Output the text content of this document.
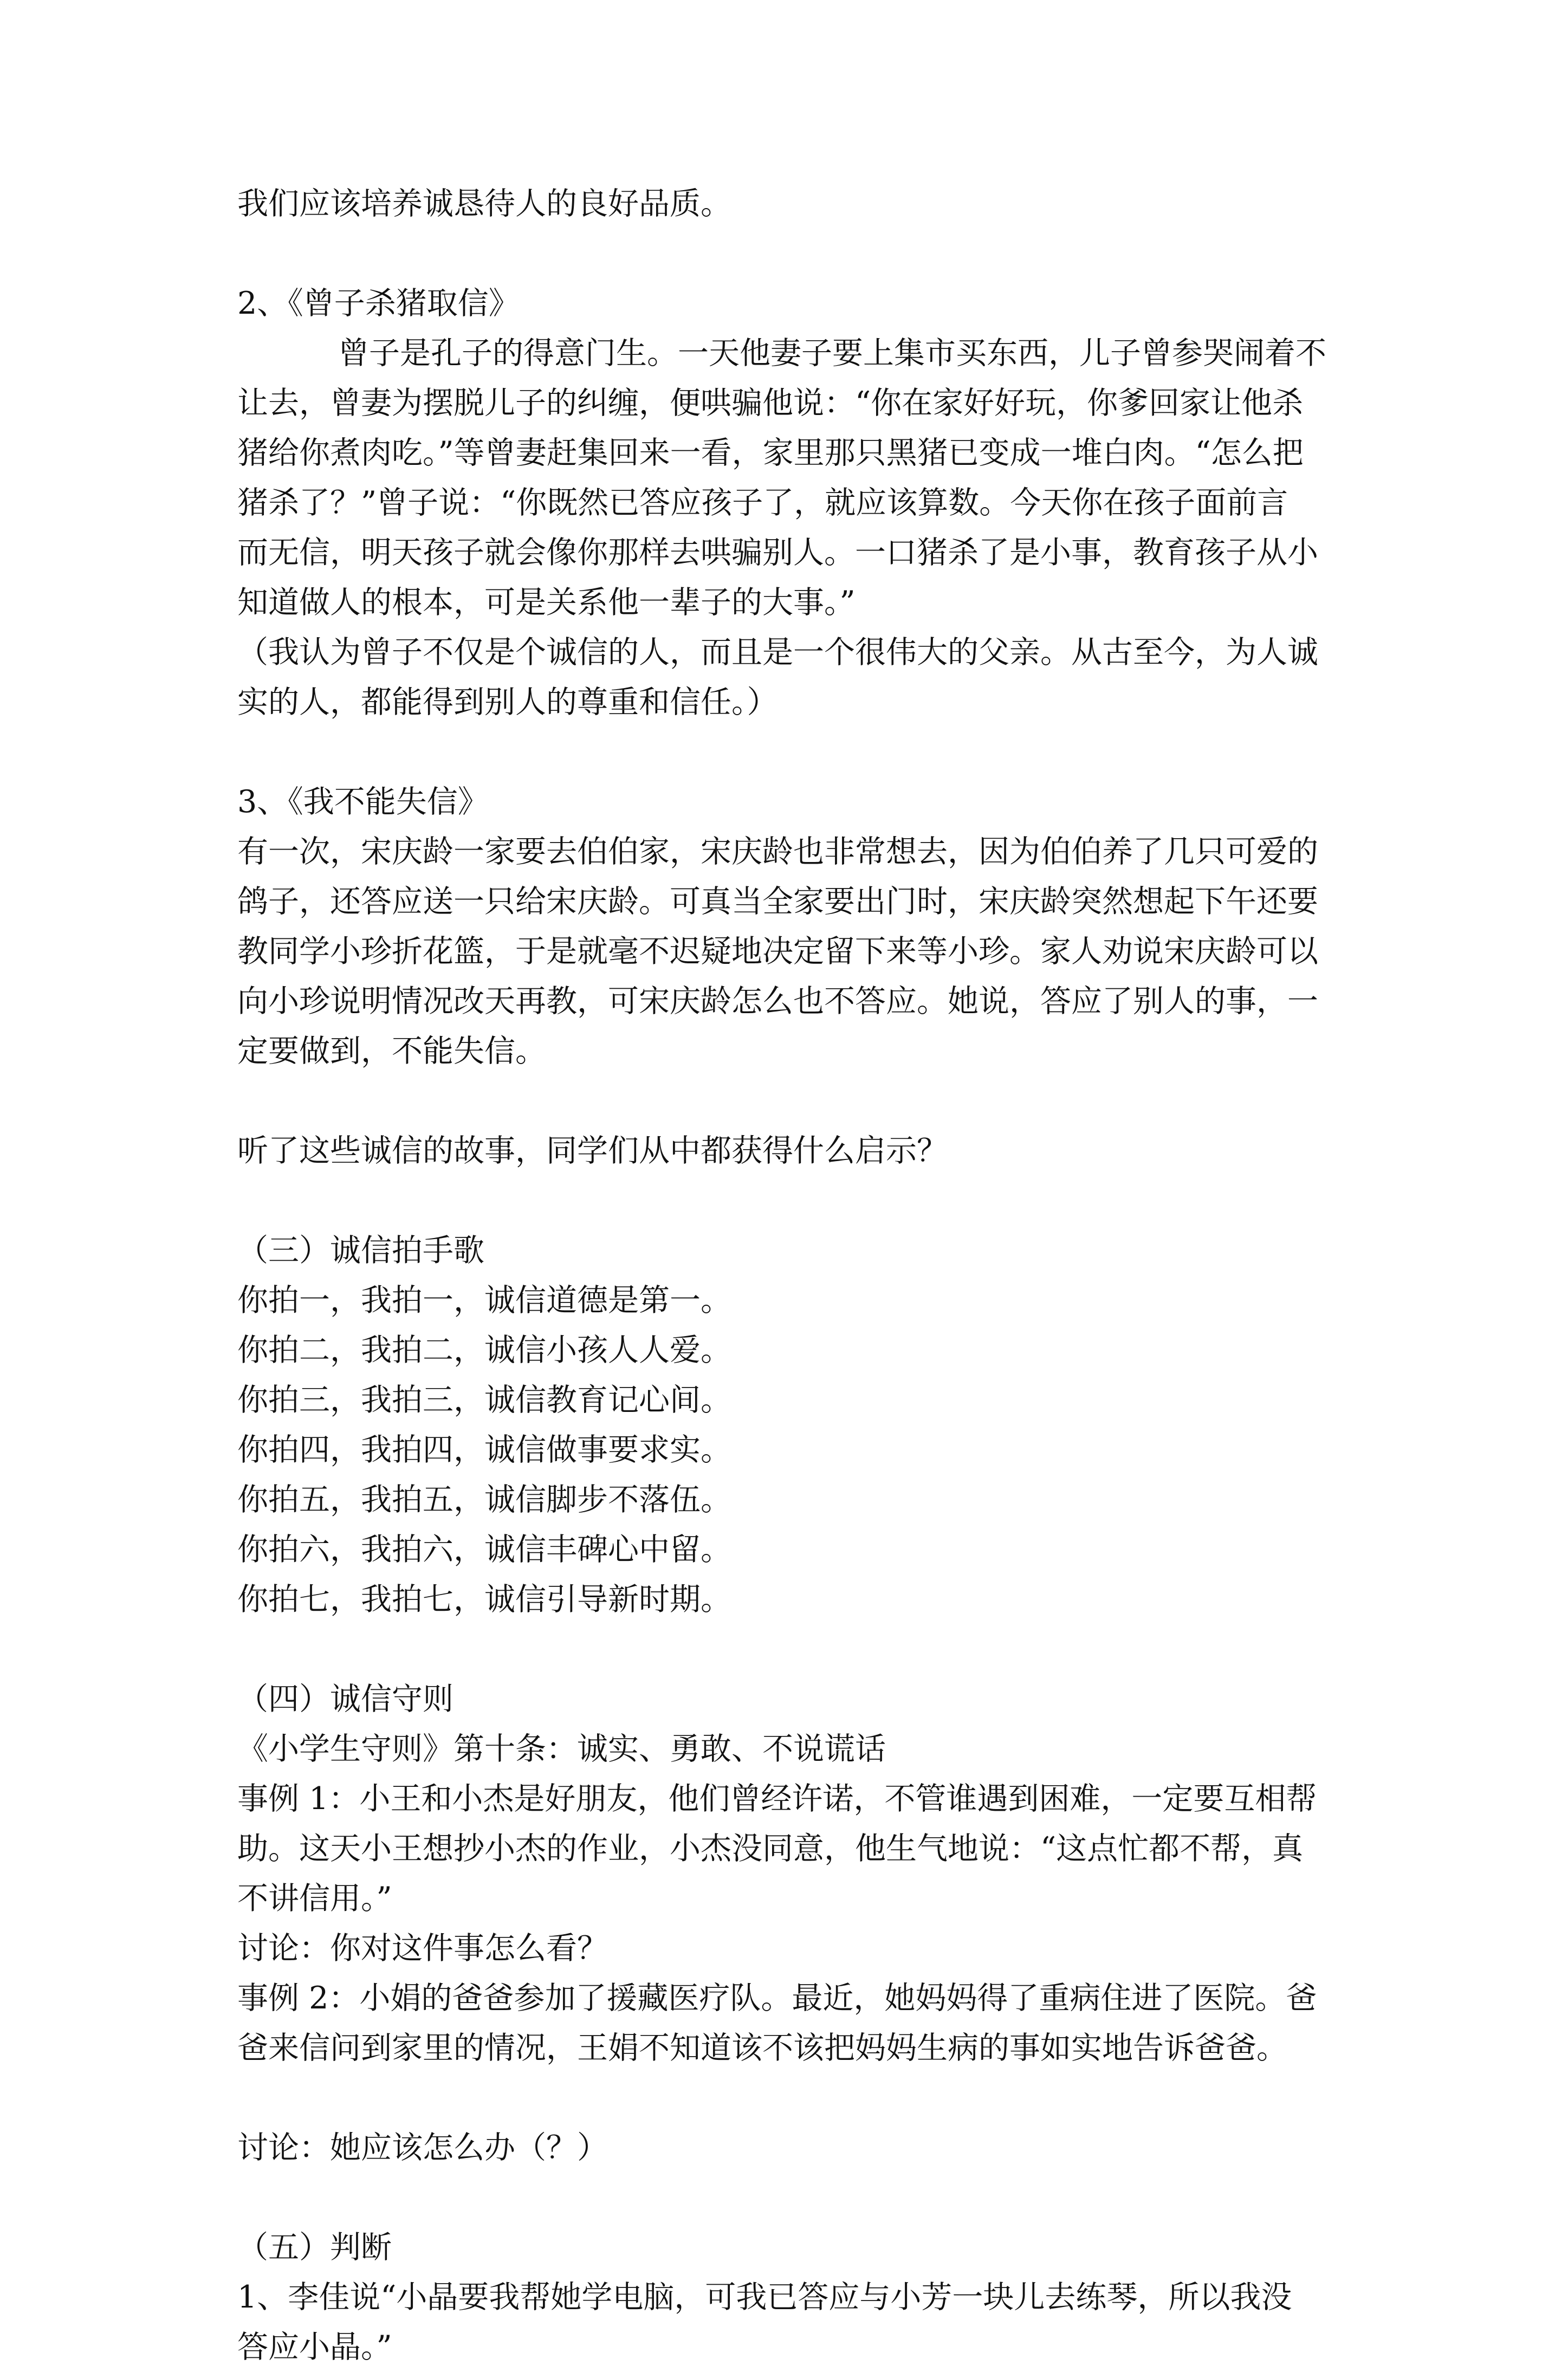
我们应该培养诚恳待人的良好品质。

2、《曾子杀猪取信》

曾子是孔子的得意门生。一天他妻子要上集市买东西，儿子曾参哭闹着不

让去，曾妻为摆脱儿子的纠缠，便哄骗他说：“你在家好好玩，你爹回家让他杀

猪给你煮肉吃。”等曾妻赶集回来一看，家里那只黑猪已变成一堆白肉。“怎么把

猪杀了？”曾子说：“你既然已答应孩子了，就应该算数。今天你在孩子面前言

而无信，明天孩子就会像你那样去哄骗别人。一口猪杀了是小事，教育孩子从小

知道做人的根本，可是关系他一辈子的大事。”

（我认为曾子不仅是个诚信的人，而且是一个很伟大的父亲。从古至今，为人诚

实的人，都能得到别人的尊重和信任。）

3、《我不能失信》

有一次，宋庆龄一家要去伯伯家，宋庆龄也非常想去，因为伯伯养了几只可爱的

鸽子，还答应送一只给宋庆龄。可真当全家要出门时，宋庆龄突然想起下午还要

教同学小珍折花篮，于是就毫不迟疑地决定留下来等小珍。家人劝说宋庆龄可以

向小珍说明情况改天再教，可宋庆龄怎么也不答应。她说，答应了别人的事，一

定要做到，不能失信。

听了这些诚信的故事，同学们从中都获得什么启示？

（三）诚信拍手歌

你拍一，我拍一，诚信道德是第一。

你拍二，我拍二，诚信小孩人人爱。

你拍三，我拍三，诚信教育记心间。

你拍四，我拍四，诚信做事要求实。

你拍五，我拍五，诚信脚步不落伍。

你拍六，我拍六，诚信丰碑心中留。

你拍七，我拍七，诚信引导新时期。

（四）诚信守则

《小学生守则》第十条：诚实、勇敢、不说谎话

事例 1：小王和小杰是好朋友，他们曾经许诺，不管谁遇到困难，一定要互相帮

助。这天小王想抄小杰的作业，小杰没同意，他生气地说：“这点忙都不帮，真

不讲信用。”

讨论：你对这件事怎么看？

事例 2：小娟的爸爸参加了援藏医疗队。最近，她妈妈得了重病住进了医院。爸

爸来信问到家里的情况，王娟不知道该不该把妈妈生病的事如实地告诉爸爸。

讨论：她应该怎么办（？）

（五）判断

1、李佳说“小晶要我帮她学电脑，可我已答应与小芳一块儿去练琴，所以我没

答应小晶。”
